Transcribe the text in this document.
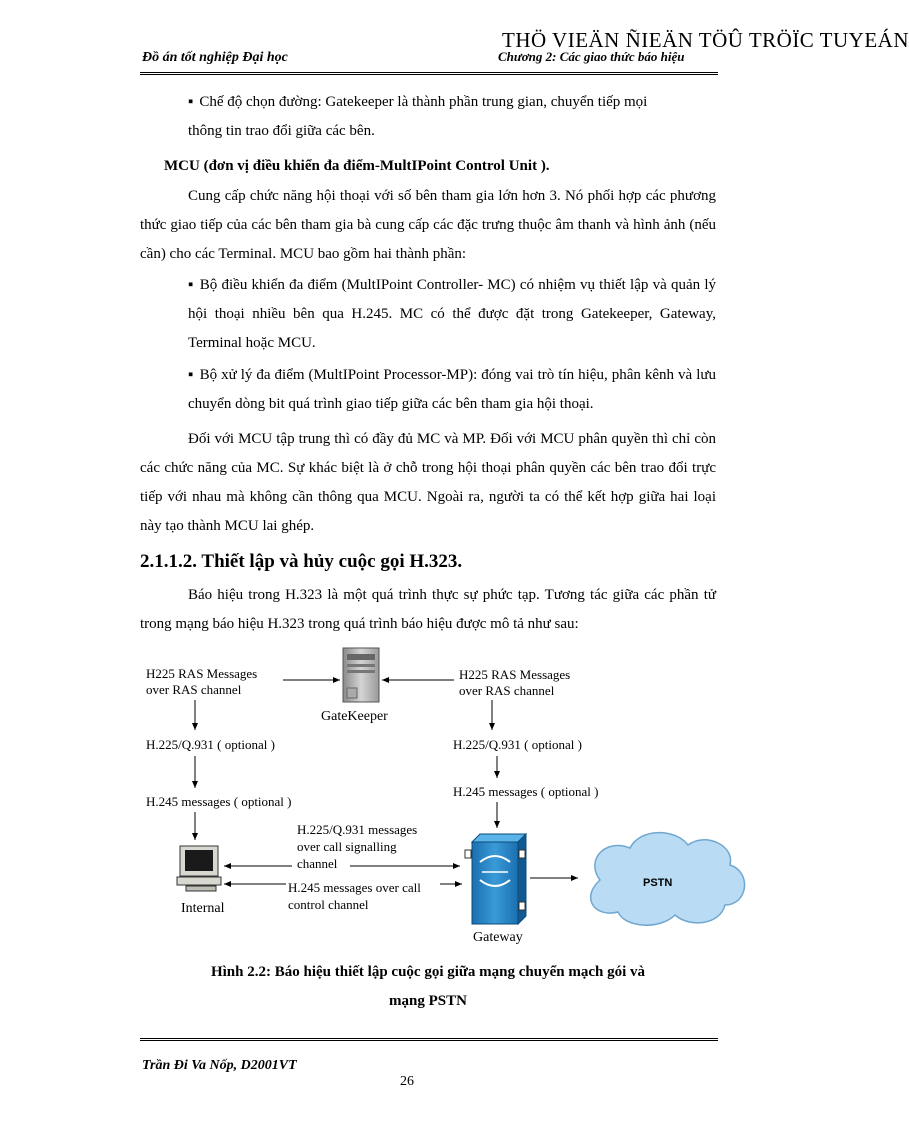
THÖ VIEÄN ÑIEÄN TÖÛ TRÖÏC TUYEÁN
Đồ án tốt nghiệp Đại học	Chương 2: Các giao thức báo hiệu
▪ Chế độ chọn đường: Gatekeeper là thành phần trung gian, chuyển tiếp mọi
thông tin trao đổi giữa các bên.
MCU (đơn vị điều khiển đa điểm-MultIPoint Control Unit ).
Cung cấp chức năng hội thoại với số bên tham gia lớn hơn 3. Nó phối hợp các phương thức giao tiếp của các bên tham gia bà cung cấp các đặc trưng thuộc âm thanh và hình ảnh (nếu cần) cho các Terminal. MCU bao gồm hai thành phần:
▪ Bộ điều khiển đa điểm (MultIPoint Controller- MC) có nhiệm vụ thiết lập và quản lý hội thoại nhiều bên qua H.245. MC có thể được đặt trong Gatekeeper, Gateway, Terminal hoặc MCU.
▪ Bộ xử lý đa điểm (MultIPoint Processor-MP): đóng vai trò tín hiệu, phân kênh và lưu chuyển dòng bit quá trình giao tiếp giữa các bên tham gia hội thoại.
Đối với MCU tập trung thì có đầy đủ MC và MP. Đối với MCU phân quyền thì chỉ còn các chức năng của MC. Sự khác biệt là ở chỗ trong hội thoại phân quyền các bên trao đổi trực tiếp với nhau mà không cần thông qua MCU. Ngoài ra, người ta có thể kết hợp giữa hai loại này tạo thành MCU lai ghép.
2.1.1.2. Thiết lập và hủy cuộc gọi H.323.
Báo hiệu trong H.323 là một quá trình thực sự phức tạp. Tương tác giữa các phần tử trong mạng báo hiệu H.323 trong quá trình báo hiệu được mô tả như sau:
H225 RAS Messages
over RAS channel
H.225/Q.931 ( optional )
H.245 messages ( optional )
GateKeeper
H225 RAS Messages
over RAS channel
H.225/Q.931 ( optional )
H.245 messages ( optional )
Internal
H.225/Q.931 messages
over call signalling
channel
H.245 messages over call
control channel
Gateway
PSTN
Hình 2.2: Báo hiệu thiết lập cuộc gọi giữa mạng chuyển mạch gói và
mạng PSTN
Trần Đi Va Nốp, D2001VT
26
